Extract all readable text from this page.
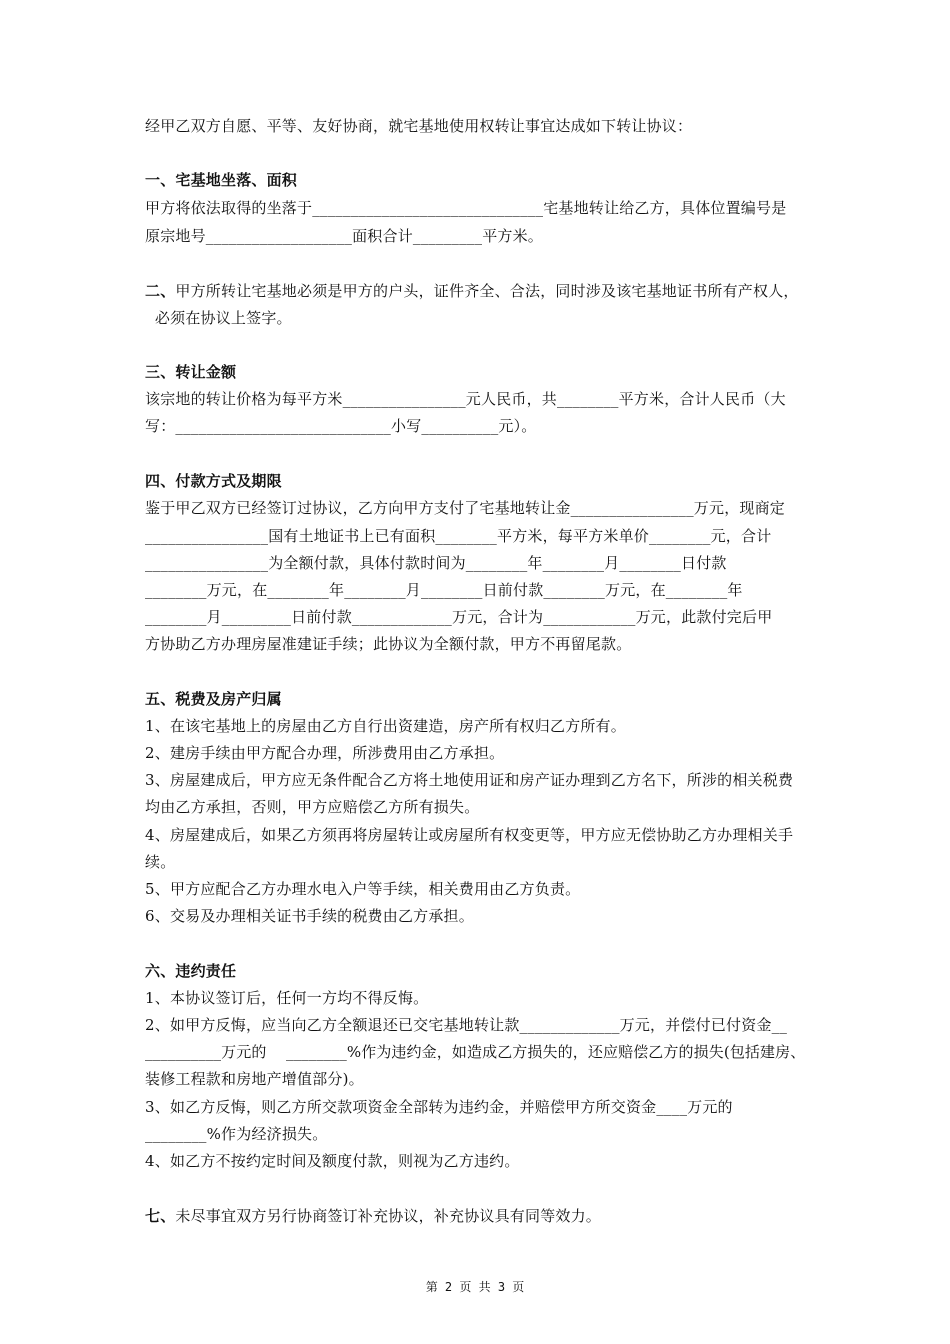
经甲乙双方自愿、平等、友好协商，就宅基地使用权转让事宜达成如下转让协议：
一、宅基地坐落、面积
甲方将依法取得的坐落于______________________________宅基地转让给乙方，具体位置编号是
原宗地号___________________面积合计_________平方米。
二、甲方所转让宅基地必须是甲方的户头，证件齐全、合法，同时涉及该宅基地证书所有产权人，
必须在协议上签字。
三、转让金额
该宗地的转让价格为每平方米________________元人民币，共________平方米，合计人民币（大
写：____________________________小写__________元）。
四、付款方式及期限
鉴于甲乙双方已经签订过协议，乙方向甲方支付了宅基地转让金________________万元，现商定
________________国有土地证书上已有面积________平方米，每平方米单价________元，合计
________________为全额付款，具体付款时间为________年________月________日付款
________万元，在________年________月________日前付款________万元，在________年
________月_________日前付款_____________万元，合计为____________万元，此款付完后甲
方协助乙方办理房屋准建证手续；此协议为全额付款，甲方不再留尾款。
五、税费及房产归属
1、在该宅基地上的房屋由乙方自行出资建造，房产所有权归乙方所有。
2、建房手续由甲方配合办理，所涉费用由乙方承担。
3、房屋建成后，甲方应无条件配合乙方将土地使用证和房产证办理到乙方名下，所涉的相关税费
均由乙方承担，否则，甲方应赔偿乙方所有损失。
4、房屋建成后，如果乙方须再将房屋转让或房屋所有权变更等，甲方应无偿协助乙方办理相关手
续。
5、甲方应配合乙方办理水电入户等手续，相关费用由乙方负责。
6、交易及办理相关证书手续的税费由乙方承担。
六、违约责任
1、本协议签订后，任何一方均不得反悔。
2、如甲方反悔，应当向乙方全额退还已交宅基地转让款_____________万元，并偿付已付资金__
__________万元的    ________%作为违约金，如造成乙方损失的，还应赔偿乙方的损失(包括建房、
装修工程款和房地产增值部分)。
3、如乙方反悔，则乙方所交款项资金全部转为违约金，并赔偿甲方所交资金____万元的
________%作为经济损失。
4、如乙方不按约定时间及额度付款，则视为乙方违约。
七、未尽事宜双方另行协商签订补充协议，补充协议具有同等效力。
第 2 页 共 3 页
